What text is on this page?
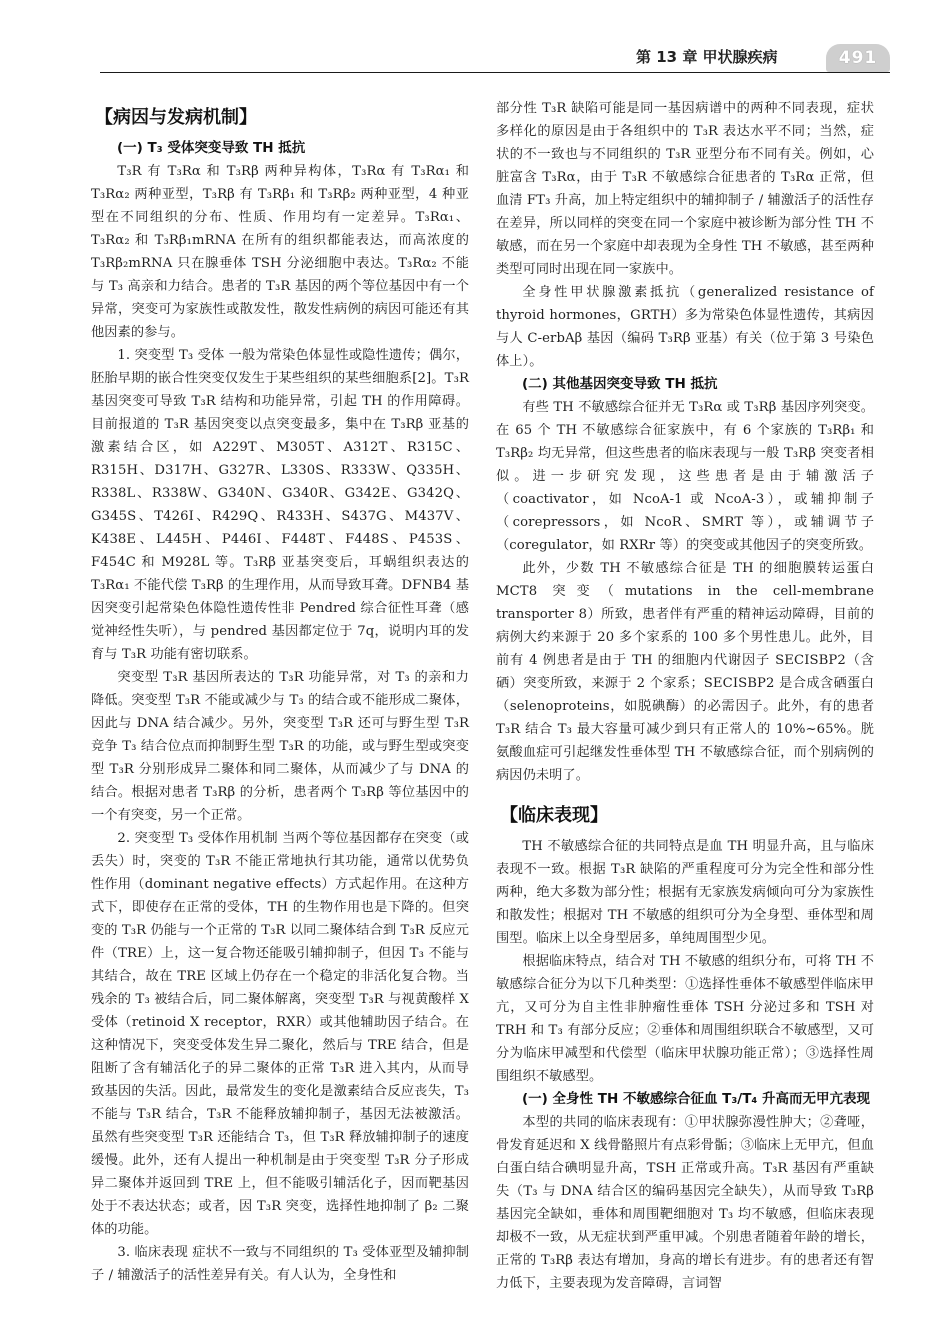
第 13 章 甲状腺疾病	491
【病因与发病机制】
(一) T₃ 受体突变导致 TH 抵抗

T₃R 有 T₃Rα 和 T₃Rβ 两种异构体，T₃Rα 有 T₃Rα₁ 和 T₃Rα₂ 两种亚型，T₃Rβ 有 T₃Rβ₁ 和 T₃Rβ₂ 两种亚型，4 种亚型在不同组织的分布、性质、作用均有一定差异。T₃Rα₁、T₃Rα₂ 和 T₃Rβ₁mRNA 在所有的组织都能表达，而高浓度的 T₃Rβ₂mRNA 只在腺垂体 TSH 分泌细胞中表达。T₃Rα₂ 不能与 T₃ 高亲和力结合。患者的 T₃R 基因的两个等位基因中有一个异常，突变可为家族性或散发性，散发性病例的病因可能还有其他因素的参与。

1. 突变型 T₃ 受体 一般为常染色体显性或隐性遗传；偶尔，胚胎早期的嵌合性突变仅发生于某些组织的某些细胞系[2]。T₃R 基因突变可导致 T₃R 结构和功能异常，引起 TH 的作用障碍。目前报道的 T₃R 基因突变以点突变最多，集中在 T₃Rβ 亚基的激素结合区，如 A229T、M305T、A312T、R315C、R315H、D317H、G327R、L330S、R333W、Q335H、R338L、R338W、G340N、G340R、G342E、G342Q、G345S、T426I、R429Q、R433H、S437G、M437V、K438E、L445H、P446I、F448T、F448S、P453S、F454C 和 M928L 等。T₃Rβ 亚基突变后，耳蜗组织表达的 T₃Rα₁ 不能代偿 T₃Rβ 的生理作用，从而导致耳聋。DFNB4 基因突变引起常染色体隐性遗传性非 Pendred 综合征性耳聋（感觉神经性失听），与 pendred 基因都定位于 7q，说明内耳的发育与 T₃R 功能有密切联系。

突变型 T₃R 基因所表达的 T₃R 功能异常，对 T₃ 的亲和力降低。突变型 T₃R 不能或减少与 T₃ 的结合或不能形成二聚体，因此与 DNA 结合减少。另外，突变型 T₃R 还可与野生型 T₃R 竞争 T₃ 结合位点而抑制野生型 T₃R 的功能，或与野生型或突变型 T₃R 分别形成异二聚体和同二聚体，从而减少了与 DNA 的结合。根据对患者 T₃Rβ 的分析，患者两个 T₃Rβ 等位基因中的一个有突变，另一个正常。

2. 突变型 T₃ 受体作用机制 当两个等位基因都存在突变（或丢失）时，突变的 T₃R 不能正常地执行其功能，通常以优势负性作用（dominant negative effects）方式起作用。在这种方式下，即使存在正常的受体，TH 的生物作用也是下降的。但突变的 T₃R 仍能与一个正常的 T₃R 以同二聚体结合到 T₃R 反应元件（TRE）上，这一复合物还能吸引辅抑制子，但因 T₃ 不能与其结合，故在 TRE 区域上仍存在一个稳定的非活化复合物。当残余的 T₃ 被结合后，同二聚体解离，突变型 T₃R 与视黄酸样 X 受体（retinoid X receptor，RXR）或其他辅助因子结合。在这种情况下，突变受体发生异二聚化，然后与 TRE 结合，但是阻断了含有辅活化子的异二聚体的正常 T₃R 进入其内，从而导致基因的失活。因此，最常发生的变化是激素结合反应丧失，T₃ 不能与 T₃R 结合，T₃R 不能释放辅抑制子，基因无法被激活。虽然有些突变型 T₃R 还能结合 T₃，但 T₃R 释放辅抑制子的速度缓慢。此外，还有人提出一种机制是由于突变型 T₃R 分子形成异二聚体并返回到 TRE 上，但不能吸引辅活化子，因而靶基因处于不表达状态；或者，因 T₃R 突变，选择性地抑制了 β₂ 二聚体的功能。

3. 临床表现 症状不一致与不同组织的 T₃ 受体亚型及辅抑制子 / 辅激活子的活性差异有关。有人认为，全身性和

部分性 T₃R 缺陷可能是同一基因病谱中的两种不同表现，症状多样化的原因是由于各组织中的 T₃R 表达水平不同；当然，症状的不一致也与不同组织的 T₃R 亚型分布不同有关。例如，心脏富含 T₃Rα，由于 T₃R 不敏感综合征患者的 T₃Rα 正常，但血清 FT₃ 升高，加上特定组织中的辅抑制子 / 辅激活子的活性存在差异，所以同样的突变在同一个家庭中被诊断为部分性 TH 不敏感，而在另一个家庭中却表现为全身性 TH 不敏感，甚至两种类型可同时出现在同一家族中。

全身性甲状腺激素抵抗（generalized resistance of thyroid hormones，GRTH）多为常染色体显性遗传，其病因与人 C-erbAβ 基因（编码 T₃Rβ 亚基）有关（位于第 3 号染色体上）。

(二) 其他基因突变导致 TH 抵抗

有些 TH 不敏感综合征并无 T₃Rα 或 T₃Rβ 基因序列突变。在 65 个 TH 不敏感综合征家族中，有 6 个家族的 T₃Rβ₁ 和 T₃Rβ₂ 均无异常，但这些患者的临床表现与一般 T₃Rβ 突变者相似。进一步研究发现，这些患者是由于辅激活子（coactivator，如 NcoA-1 或 NcoA-3），或辅抑制子（corepressors，如 NcoR、SMRT 等），或辅调节子（coregulator，如 RXRr 等）的突变或其他因子的突变所致。

此外，少数 TH 不敏感综合征是 TH 的细胞膜转运蛋白 MCT8 突变（mutations in the cell-membrane transporter 8）所致，患者伴有严重的精神运动障碍，目前的病例大约来源于 20 多个家系的 100 多个男性患儿。此外，目前有 4 例患者是由于 TH 的细胞内代谢因子 SECISBP2（含硒）突变所致，来源于 2 个家系；SECISBP2 是合成含硒蛋白（selenoproteins，如脱碘酶）的必需因子。此外，有的患者 T₃R 结合 T₃ 最大容量可减少到只有正常人的 10%~65%。胱氨酸血症可引起继发性垂体型 TH 不敏感综合征，而个别病例的病因仍未明了。

【临床表现】

TH 不敏感综合征的共同特点是血 TH 明显升高，且与临床表现不一致。根据 T₃R 缺陷的严重程度可分为完全性和部分性两种，绝大多数为部分性；根据有无家族发病倾向可分为家族性和散发性；根据对 TH 不敏感的组织可分为全身型、垂体型和周围型。临床上以全身型居多，单纯周围型少见。

根据临床特点，结合对 TH 不敏感的组织分布，可将 TH 不敏感综合征分为以下几种类型：①选择性垂体不敏感型伴临床甲亢，又可分为自主性非肿瘤性垂体 TSH 分泌过多和 TSH 对 TRH 和 T₃ 有部分反应；②垂体和周围组织联合不敏感型，又可分为临床甲减型和代偿型（临床甲状腺功能正常）；③选择性周围组织不敏感型。

(一) 全身性 TH 不敏感综合征血 T₃/T₄ 升高而无甲亢表现

本型的共同的临床表现有：①甲状腺弥漫性肿大；②聋哑，骨发育延迟和 X 线骨骼照片有点彩骨骺；③临床上无甲亢，但血白蛋白结合碘明显升高，TSH 正常或升高。T₃R 基因有严重缺失（T₃ 与 DNA 结合区的编码基因完全缺失），从而导致 T₃Rβ 基因完全缺如，垂体和周围靶细胞对 T₃ 均不敏感，但临床表现却极不一致，从无症状到严重甲减。个别患者随着年龄的增长，正常的 T₃Rβ 表达有增加，身高的增长有进步。有的患者还有智力低下，主要表现为发音障碍，言词智
